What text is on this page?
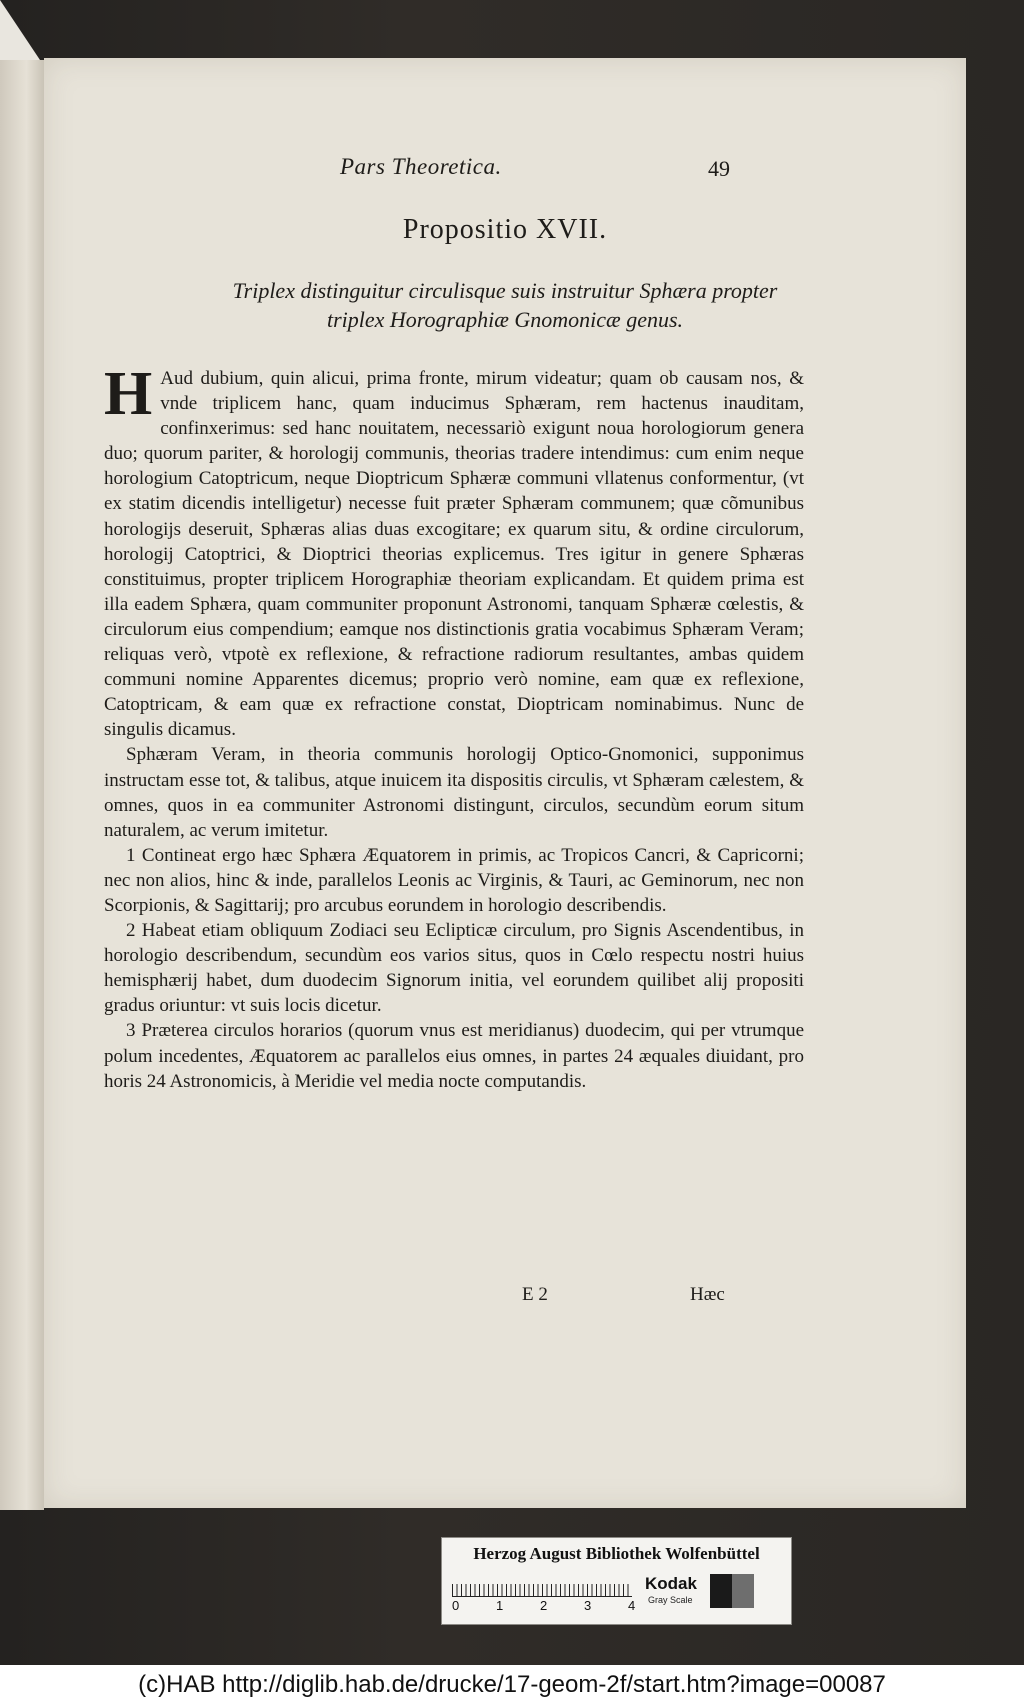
Pars Theoretica.	49
Propositio XVII.
Triplex distinguitur circulisque suis instruitur Sphæra propter
triplex Horographiæ Gnomonicæ genus.

H Aud dubium, quin alicui, prima fronte, mirum videatur; quam ob causam nos, & vnde triplicem hanc, quam inducimus Sphæram, rem hactenus inauditam, confinxerimus: sed hanc nouitatem, necessariò exigunt noua horologiorum genera duo; quorum pariter, & horologij communis, theorias tradere intendimus: cum enim neque horologium Catoptricum, neque Dioptricum Sphæræ communi vllatenus conformentur, (vt ex statim dicendis intelligetur) necesse fuit præter Sphæram communem; quæ cõmunibus horologijs deseruit, Sphæras alias duas excogitare; ex quarum situ, & ordine circulorum, horologij Catoptrici, & Dioptrici theorias explicemus. Tres igitur in genere Sphæras constituimus, propter triplicem Horographiæ theoriam explicandam. Et quidem prima est illa eadem Sphæra, quam communiter proponunt Astronomi, tanquam Sphæræ cœlestis, & circulorum eius compendium; eamque nos distinctionis gratia vocabimus Sphæram Veram; reliquas verò, vtpotè ex reflexione, & refractione radiorum resultantes, ambas quidem communi nomine Apparentes dicemus; proprio verò nomine, eam quæ ex reflexione, Catoptricam, & eam quæ ex refractione constat, Dioptricam nominabimus. Nunc de singulis dicamus.

Sphæram Veram, in theoria communis horologij Optico-Gnomonici, supponimus instructam esse tot, & talibus, atque inuicem ita dispositis circulis, vt Sphæram cælestem, & omnes, quos in ea communiter Astronomi distingunt, circulos, secundùm eorum situm naturalem, ac verum imitetur.

1 Contineat ergo hæc Sphæra Æquatorem in primis, ac Tropicos Cancri, & Capricorni; nec non alios, hinc & inde, parallelos Leonis ac Virginis, & Tauri, ac Geminorum, nec non Scorpionis, & Sagittarij; pro arcubus eorundem in horologio describendis.

2 Habeat etiam obliquum Zodiaci seu Eclipticæ circulum, pro Signis Ascendentibus, in horologio describendum, secundùm eos varios situs, quos in Cœlo respectu nostri huius hemisphærij habet, dum duodecim Signorum initia, vel eorundem quilibet alij propositi gradus oriuntur: vt suis locis dicetur.

3 Præterea circulos horarios (quorum vnus est meridianus) duodecim, qui per vtrumque polum incedentes, Æquatorem ac parallelos eius omnes, in partes 24 æquales diuidant, pro horis 24 Astronomicis, à Meridie vel media nocte computandis.

E 2	Hæc
Herzog August Bibliothek Wolfenbüttel
0	1	2	3	4
Kodak
Gray Scale
(c)HAB http://diglib.hab.de/drucke/17-geom-2f/start.htm?image=00087
